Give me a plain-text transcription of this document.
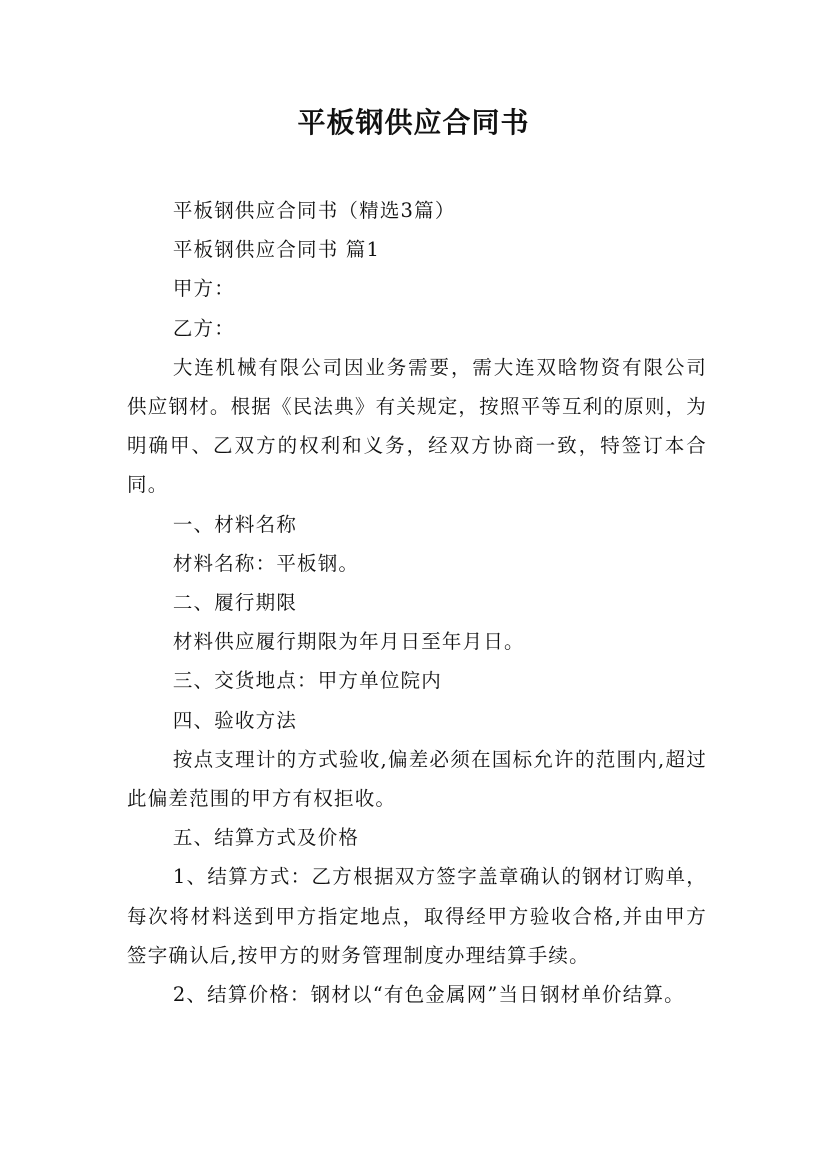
平板钢供应合同书

平板钢供应合同书（精选3篇）

平板钢供应合同书 篇1

甲方：

乙方：

大连机械有限公司因业务需要，需大连双晗物资有限公司供应钢材。根据《民法典》有关规定，按照平等互利的原则，为明确甲、乙双方的权利和义务，经双方协商一致，特签订本合同。

一、材料名称

材料名称：平板钢。

二、履行期限

材料供应履行期限为年月日至年月日。

三、交货地点：甲方单位院内

四、验收方法

按点支理计的方式验收,偏差必须在国标允许的范围内,超过此偏差范围的甲方有权拒收。

五、结算方式及价格

1、结算方式：乙方根据双方签字盖章确认的钢材订购单，每次将材料送到甲方指定地点，取得经甲方验收合格,并由甲方签字确认后,按甲方的财务管理制度办理结算手续。

2、结算价格：钢材以“有色金属网”当日钢材单价结算。
